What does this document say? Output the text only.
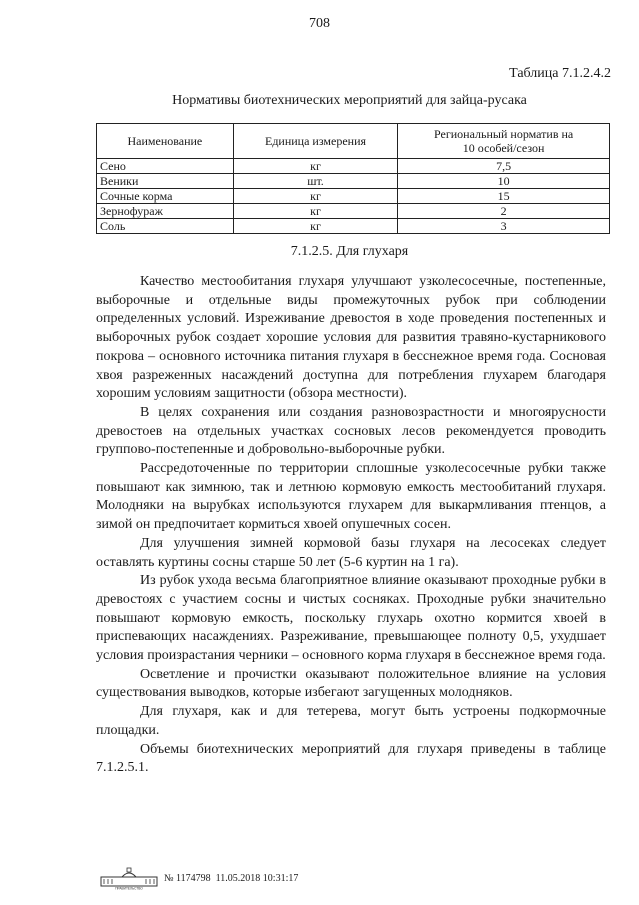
708
Таблица 7.1.2.4.2
Нормативы биотехнических мероприятий для зайца-русака
Наименование	Единица измерения	Региональный норматив на 10 особей/сезон
Сено	кг	7,5
Веники	шт.	10
Сочные корма	кг	15
Зернофураж	кг	2
Соль	кг	3
7.1.2.5. Для глухаря

Качество местообитания глухаря улучшают узколесосечные, постепенные, выборочные и отдельные виды промежуточных рубок при соблюдении определенных условий. Изреживание древостоя в ходе проведения постепенных и выборочных рубок создает хорошие условия для развития травяно-кустарникового покрова – основного источника питания глухаря в бесснежное время года. Сосновая хвоя разреженных насаждений доступна для потребления глухарем благодаря хорошим условиям защитности (обзора местности).

В целях сохранения или создания разновозрастности и многоярусности древостоев на отдельных участках сосновых лесов рекомендуется проводить группово-постепенные и добровольно-выборочные рубки.

Рассредоточенные по территории сплошные узколесосечные рубки также повышают как зимнюю, так и летнюю кормовую емкость местообитаний глухаря. Молодняки на вырубках используются глухарем для выкармливания птенцов, а зимой он предпочитает кормиться хвоей опушечных сосен.

Для улучшения зимней кормовой базы глухаря на лесосеках следует оставлять куртины сосны старше 50 лет (5-6 куртин на 1 га).

Из рубок ухода весьма благоприятное влияние оказывают проходные рубки в древостоях с участием сосны и чистых сосняках. Проходные рубки значительно повышают кормовую емкость, поскольку глухарь охотно кормится хвоей в приспевающих насаждениях. Разреживание, превышающее полноту 0,5, ухудшает условия произрастания черники – основного корма глухаря в бесснежное время года.

Осветление и прочистки оказывают положительное влияние на условия существования выводков, которые избегают загущенных молодняков.

Для глухаря, как и для тетерева, могут быть устроены подкормочные площадки.

Объемы биотехнических мероприятий для глухаря приведены в таблице 7.1.2.5.1.

ПРАВИТЕЛЬСТВО
№ 1174798  11.05.2018 10:31:17
